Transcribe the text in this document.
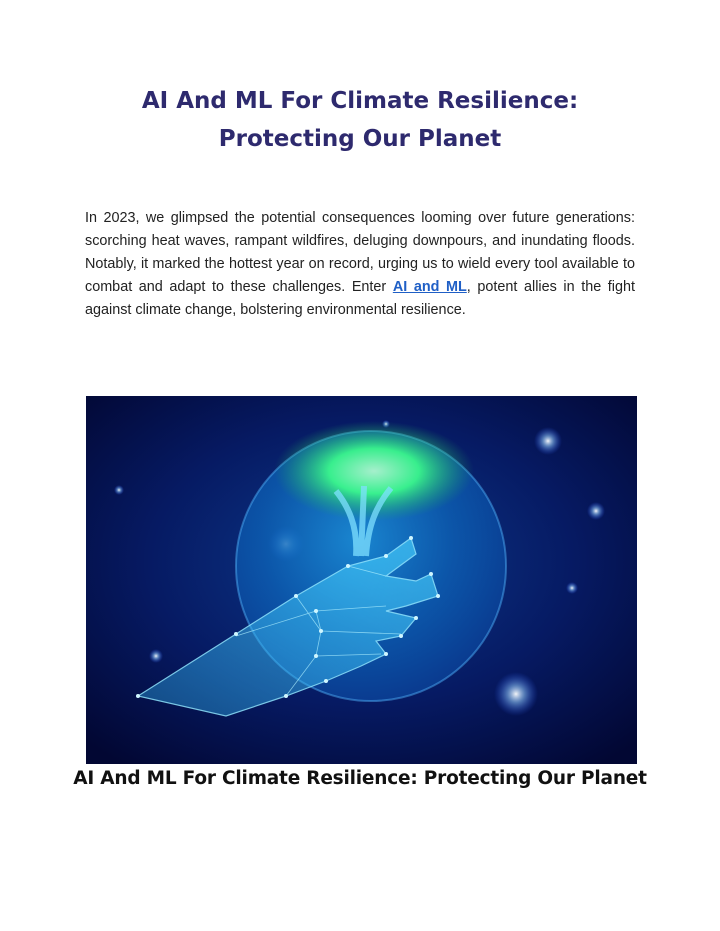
AI And ML For Climate Resilience: Protecting Our Planet

In 2023, we glimpsed the potential consequences looming over future generations: scorching heat waves, rampant wildfires, deluging downpours, and inundating floods. Notably, it marked the hottest year on record, urging us to wield every tool available to combat and adapt to these challenges. Enter AI and ML, potent allies in the fight against climate change, bolstering environmental resilience.

AI And ML For Climate Resilience: Protecting Our Planet
